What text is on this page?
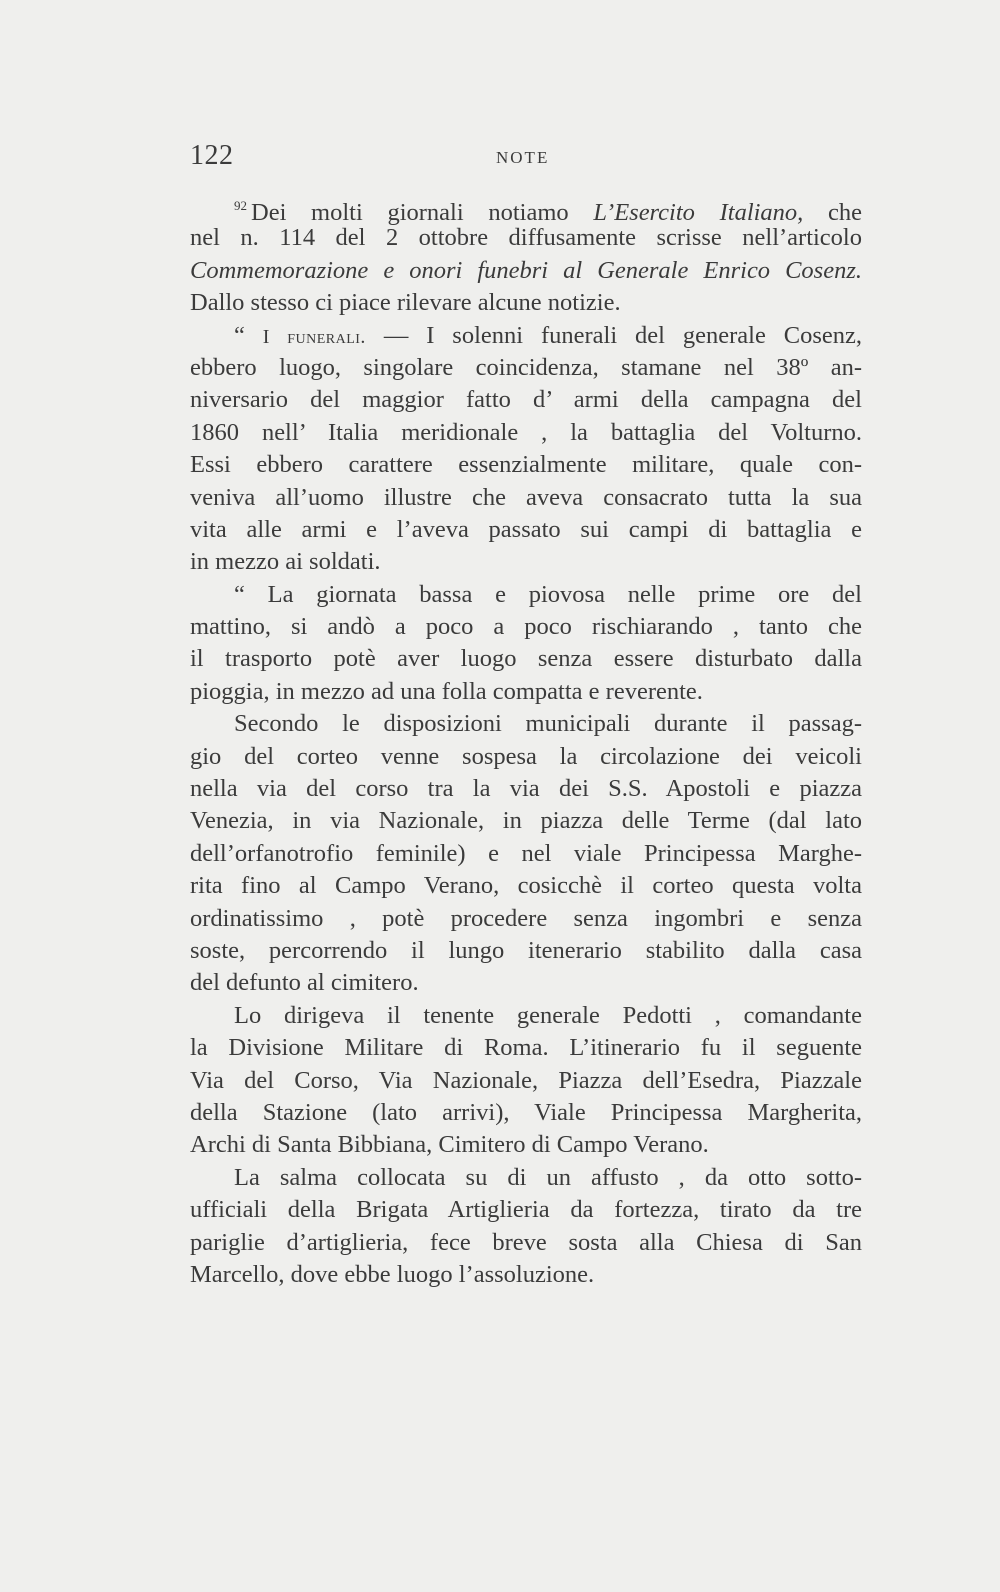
122	NOTE
$^{92}$ Dei molti giornali notiamo L’Esercito Italiano, che
nel n. 114 del 2 ottobre diffusamente scrisse nell’articolo
Commemorazione e onori funebri al Generale Enrico Cosenz.
Dallo stesso ci piace rilevare alcune notizie.
“ I funerali. — I solenni funerali del generale Cosenz,
ebbero luogo, singolare coincidenza, stamane nel 38º an-
niversario del maggior fatto d’ armi della campagna del
1860 nell’ Italia meridionale , la battaglia del Volturno.
Essi ebbero carattere essenzialmente militare, quale con-
veniva all’uomo illustre che aveva consacrato tutta la sua
vita alle armi e l’aveva passato sui campi di battaglia e
in mezzo ai soldati.
“ La giornata bassa e piovosa nelle prime ore del
mattino, si andò a poco a poco rischiarando , tanto che
il trasporto potè aver luogo senza essere disturbato dalla
pioggia, in mezzo ad una folla compatta e reverente.
Secondo le disposizioni municipali durante il passag-
gio del corteo venne sospesa la circolazione dei veicoli
nella via del corso tra la via dei S.S. Apostoli e piazza
Venezia, in via Nazionale, in piazza delle Terme (dal lato
dell’orfanotrofio feminile) e nel viale Principessa Marghe-
rita fino al Campo Verano, cosicchè il corteo questa volta
ordinatissimo , potè procedere senza ingombri e senza
soste, percorrendo il lungo itenerario stabilito dalla casa
del defunto al cimitero.
Lo dirigeva il tenente generale Pedotti , comandante
la Divisione Militare di Roma. L’itinerario fu il seguente
Via del Corso, Via Nazionale, Piazza dell’Esedra, Piazzale
della Stazione (lato arrivi), Viale Principessa Margherita,
Archi di Santa Bibbiana, Cimitero di Campo Verano.
La salma collocata su di un affusto , da otto sotto-
ufficiali della Brigata Artiglieria da fortezza, tirato da tre
pariglie d’artiglieria, fece breve sosta alla Chiesa di San
Marcello, dove ebbe luogo l’assoluzione.
